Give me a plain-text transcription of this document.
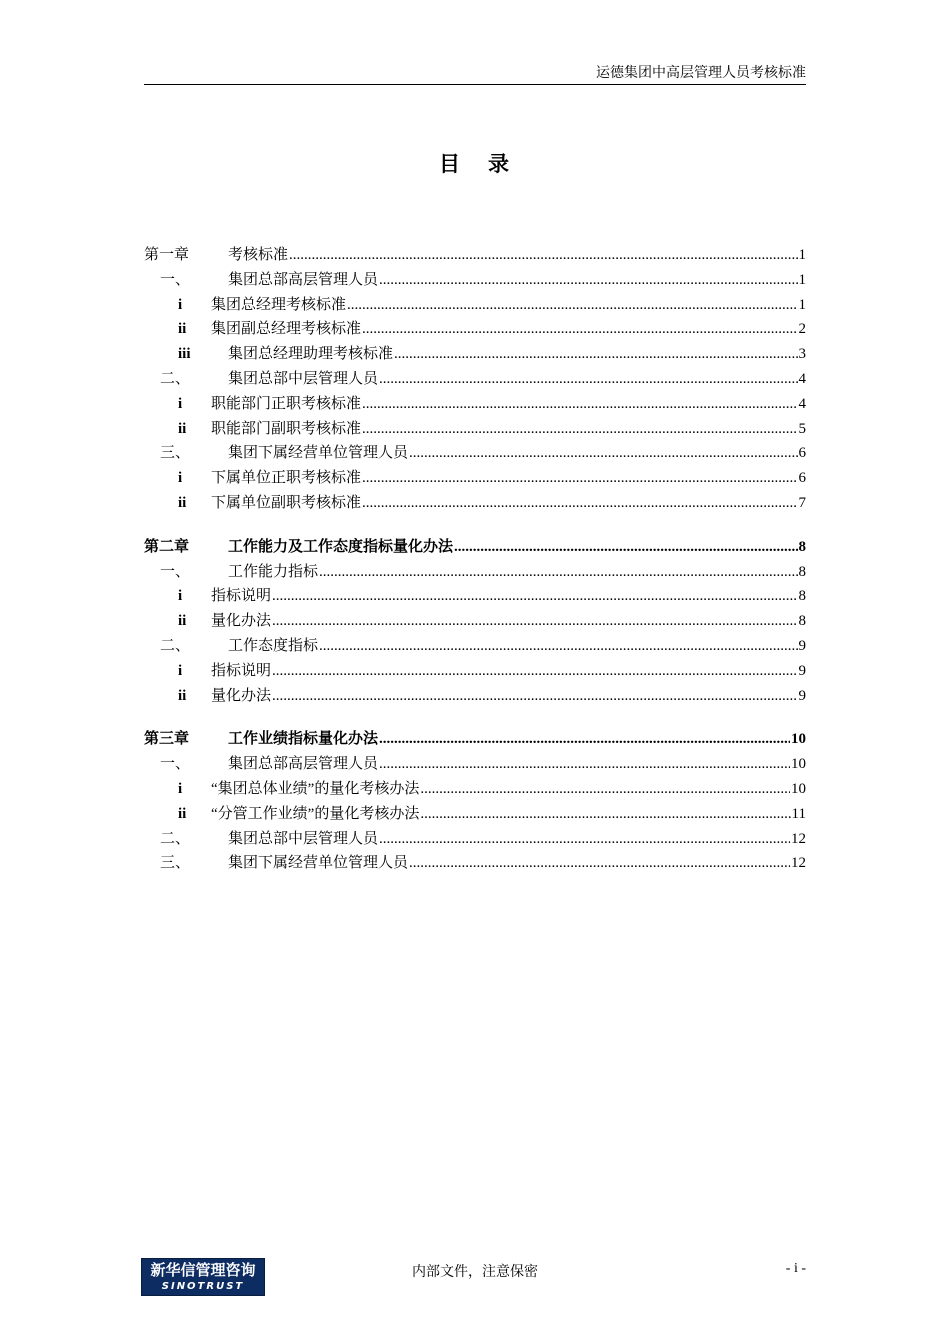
运德集团中高层管理人员考核标准
目 录
第一章	考核标准 .....	1
一、	集团总部高层管理人员 .....	1
i 集团总经理考核标准 .....	1
ii 集团副总经理考核标准 .....	2
iii 集团总经理助理考核标准 .....	3
二、	集团总部中层管理人员 .....	4
i 职能部门正职考核标准 .....	4
ii 职能部门副职考核标准 .....	5
三、	集团下属经营单位管理人员 .....	6
i 下属单位正职考核标准 .....	6
ii 下属单位副职考核标准 .....	7
第二章	工作能力及工作态度指标量化办法 .....	8
一、	工作能力指标 .....	8
i 指标说明 .....	8
ii 量化办法 .....	8
二、	工作态度指标 .....	9
i 指标说明 .....	9
ii 量化办法 .....	9
第三章	工作业绩指标量化办法 .....	10
一、	集团总部高层管理人员 .....	10
i “集团总体业绩”的量化考核办法 .....	10
ii “分管工作业绩”的量化考核办法 .....	11
二、	集团总部中层管理人员 .....	12
三、	集团下属经营单位管理人员 .....	12
新华信管理咨询
SINOTRUST
内部文件，注意保密	- i -
